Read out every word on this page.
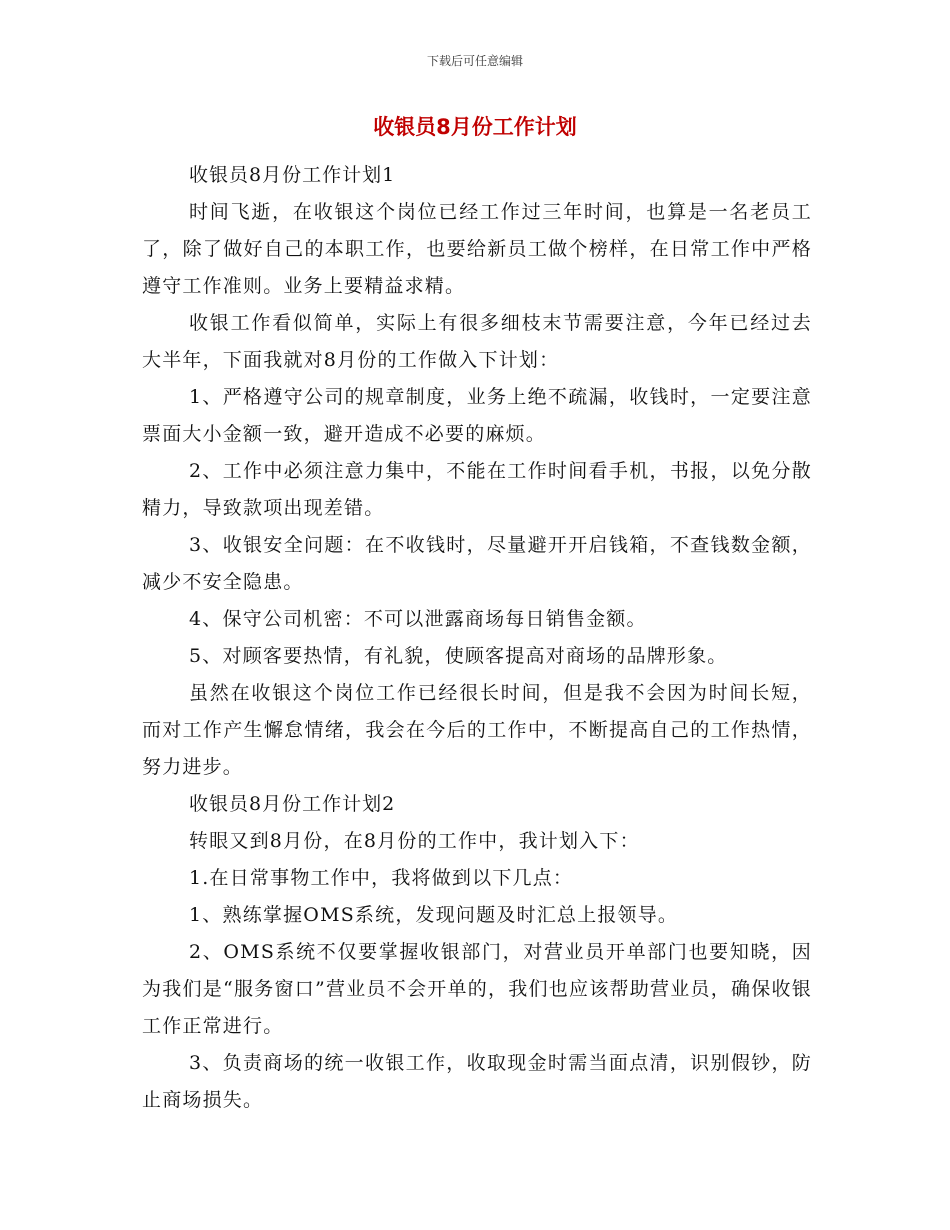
下载后可任意编辑
收银员8月份工作计划

收银员8月份工作计划1

时间飞逝，在收银这个岗位已经工作过三年时间，也算是一名老员工了，除了做好自己的本职工作，也要给新员工做个榜样，在日常工作中严格遵守工作准则。业务上要精益求精。

收银工作看似简单，实际上有很多细枝末节需要注意，今年已经过去大半年，下面我就对8月份的工作做入下计划：

1、严格遵守公司的规章制度，业务上绝不疏漏，收钱时，一定要注意票面大小金额一致，避开造成不必要的麻烦。

2、工作中必须注意力集中，不能在工作时间看手机，书报，以免分散精力，导致款项出现差错。

3、收银安全问题：在不收钱时，尽量避开开启钱箱，不查钱数金额，减少不安全隐患。

4、保守公司机密：不可以泄露商场每日销售金额。

5、对顾客要热情，有礼貌，使顾客提高对商场的品牌形象。

虽然在收银这个岗位工作已经很长时间，但是我不会因为时间长短，而对工作产生懈怠情绪，我会在今后的工作中，不断提高自己的工作热情，努力进步。

收银员8月份工作计划2

转眼又到8月份，在8月份的工作中，我计划入下：

1.在日常事物工作中，我将做到以下几点：

1、熟练掌握OMS系统，发现问题及时汇总上报领导。

2、OMS系统不仅要掌握收银部门，对营业员开单部门也要知晓，因为我们是“服务窗口”营业员不会开单的，我们也应该帮助营业员，确保收银工作正常进行。

3、负责商场的统一收银工作，收取现金时需当面点清，识别假钞，防止商场损失。
